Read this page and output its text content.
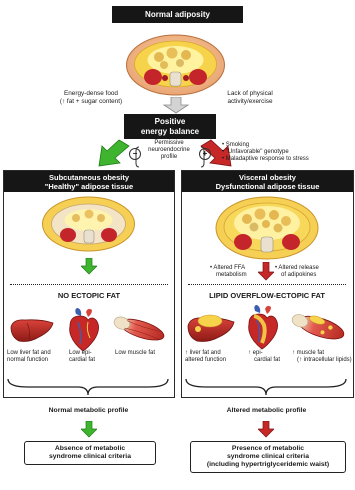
Normal adiposity
Energy-dense food
(↑ fat + sugar content)
Lack of physical
activity/exercise
Positive
energy balance
−	+
Permissive
neuroendocrine
profile
• Smoking
• "Unfavorable" genotype
• Maladaptive response to stress
Subcutaneous obesity
"Healthy" adipose tissue
NO ECTOPIC FAT
Low liver fat and
normal function
Low epi-
cardial fat
Low muscle fat
Visceral obesity
Dysfunctional adipose tissue
• Altered FFA
metabolism
• Altered release
of adipokines
LIPID OVERFLOW-ECTOPIC FAT
↑ liver fat and
altered function
↑ epi-
cardial fat
↑ muscle fat
(↑ intracellular lipids)
Normal metabolic profile	Altered metabolic profile
Absence of metabolic
syndrome clinical criteria
Presence of metabolic
syndrome clinical criteria
(including hypertriglyceridemic waist)
